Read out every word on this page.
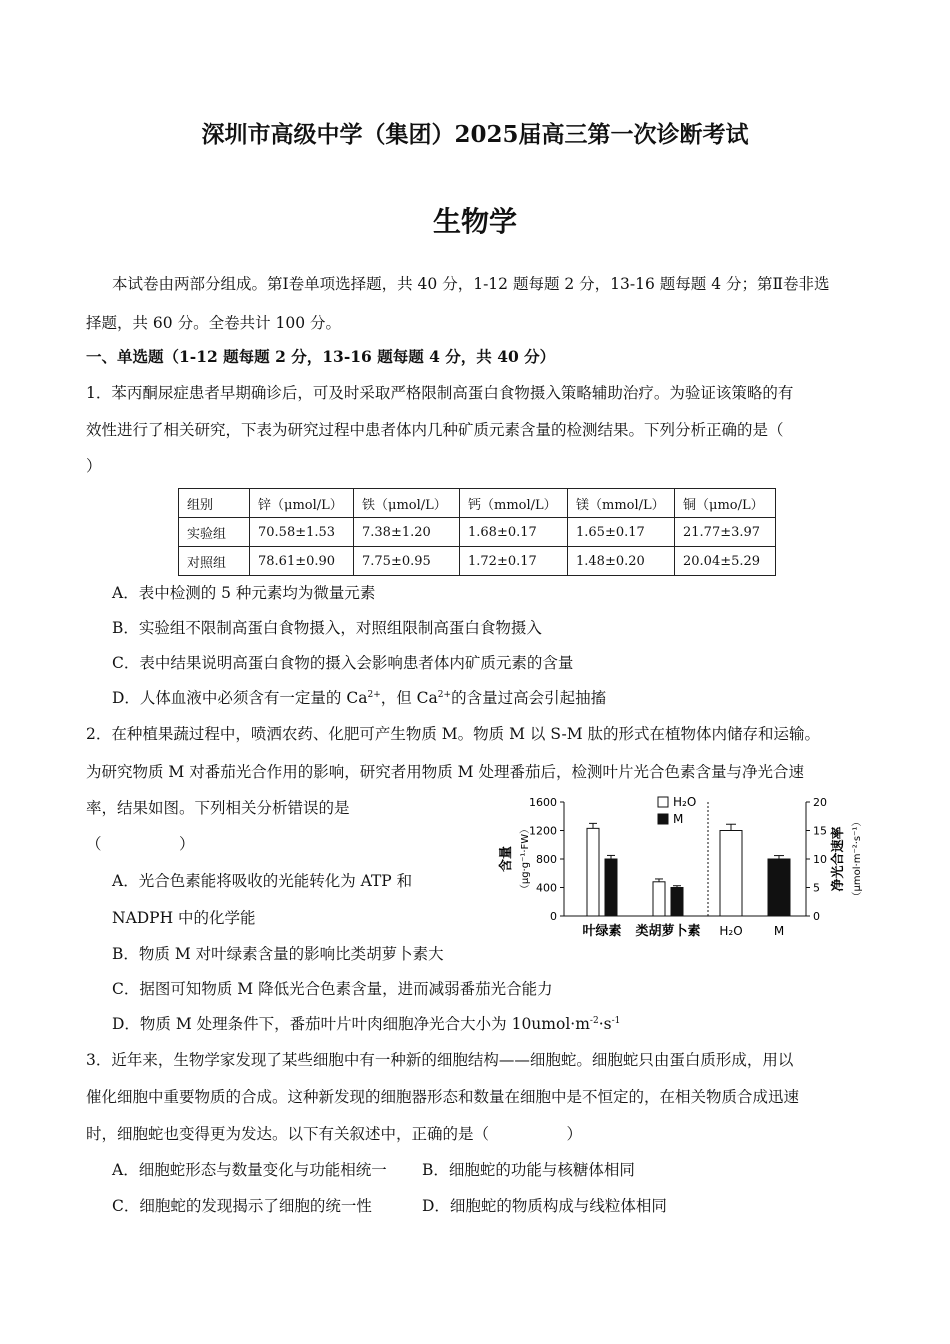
深圳市高级中学（集团）2025届高三第一次诊断考试
生物学
本试卷由两部分组成。第Ⅰ卷单项选择题，共 40 分，1-12 题每题 2 分，13-16 题每题 4 分；第Ⅱ卷非选
择题，共 60 分。全卷共计 100 分。
一、单选题（1-12 题每题 2 分，13-16 题每题 4 分，共 40 分）
1．苯丙酮尿症患者早期确诊后，可及时采取严格限制高蛋白食物摄入策略辅助治疗。为验证该策略的有
效性进行了相关研究，下表为研究过程中患者体内几种矿质元素含量的检测结果。下列分析正确的是（
）
组别	锌（μmol/L）	铁（μmol/L）	钙（mmol/L）	镁（mmol/L）	铜（μmo/L）
实验组	70.58±1.53	7.38±1.20	1.68±0.17	1.65±0.17	21.77±3.97
对照组	78.61±0.90	7.75±0.95	1.72±0.17	1.48±0.20	20.04±5.29
A．表中检测的 5 种元素均为微量元素
B．实验组不限制高蛋白食物摄入，对照组限制高蛋白食物摄入
C．表中结果说明高蛋白食物的摄入会影响患者体内矿质元素的含量
D．人体血液中必须含有一定量的 $Ca^{2+}$，但 $Ca^{2+}$的含量过高会引起抽搐
2．在种植果蔬过程中，喷洒农药、化肥可产生物质 M。物质 M 以 S-M 肽的形式在植物体内储存和运输。
为研究物质 M 对番茄光合作用的影响，研究者用物质 M 处理番茄后，检测叶片光合色素含量与净光合速
率，结果如图。下列相关分析错误的是
（　　　　　）
A．光合色素能将吸收的光能转化为 ATP 和
NADPH 中的化学能
B．物质 M 对叶绿素含量的影响比类胡萝卜素大
C．据图可知物质 M 降低光合色素含量，进而减弱番茄光合能力
D．物质 M 处理条件下，番茄叶片叶肉细胞净光合大小为 $10umol\cdot m^{-2}\cdot s^{-1}$
0
400
800
1200
1600
0
5
10
15
20
含量 （μg·g⁻¹·FW）	净光合速率 （μmol·m⁻²·s⁻¹）
叶绿素 类胡萝卜素 H₂O	M
H₂O
M
3．近年来，生物学家发现了某些细胞中有一种新的细胞结构——细胞蛇。细胞蛇只由蛋白质形成，用以
催化细胞中重要物质的合成。这种新发现的细胞器形态和数量在细胞中是不恒定的，在相关物质合成迅速
时，细胞蛇也变得更为发达。以下有关叙述中，正确的是（　　　　　）
A．细胞蛇形态与数量变化与功能相统一 B．细胞蛇的功能与核糖体相同
C．细胞蛇的发现揭示了细胞的统一性	D．细胞蛇的物质构成与线粒体相同
